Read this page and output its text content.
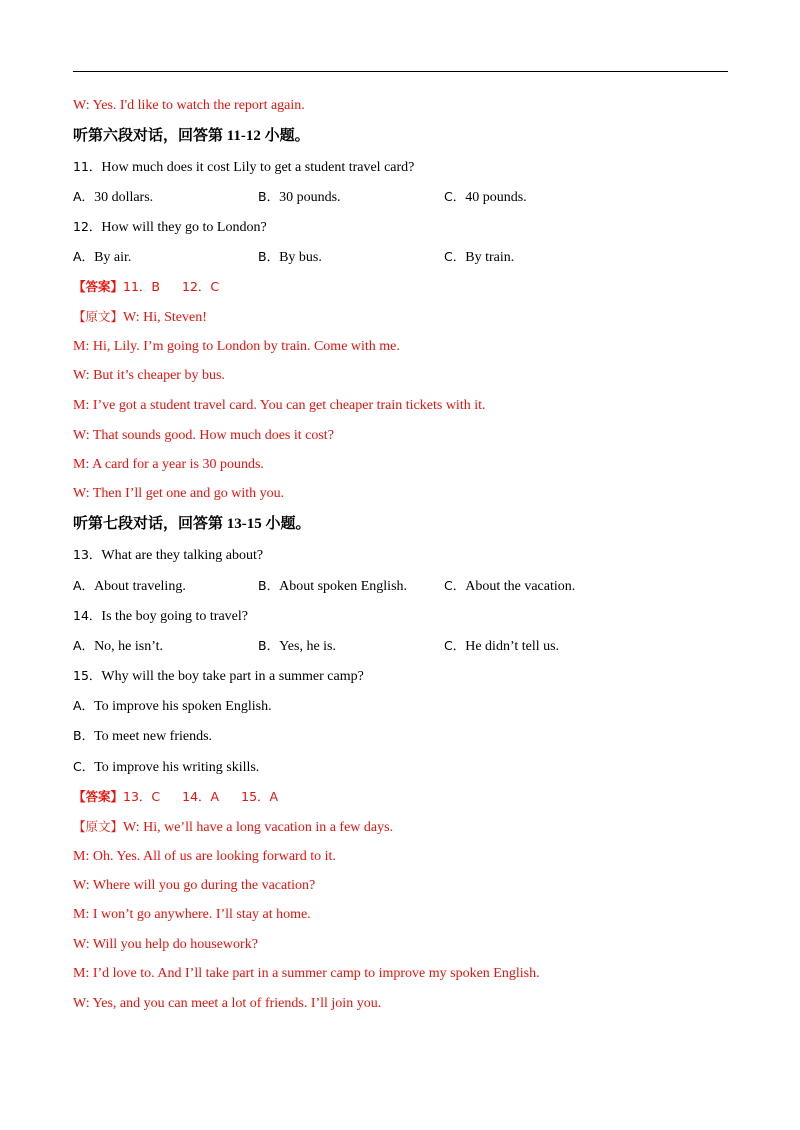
W: Yes. I'd like to watch the report again.
听第六段对话，回答第 11-12 小题。
11．How much does it cost Lily to get a student travel card?
A．30 dollars.	B．30 pounds.	C．40 pounds.
12．How will they go to London?
A．By air.	B．By bus.	C．By train.
【答案】11．B 12．C
【原文】W: Hi, Steven!
M: Hi, Lily. I’m going to London by train. Come with me.
W: But it’s cheaper by bus.
M: I’ve got a student travel card. You can get cheaper train tickets with it.
W: That sounds good. How much does it cost?
M: A card for a year is 30 pounds.
W: Then I’ll get one and go with you.
听第七段对话，回答第 13-15 小题。
13．What are they talking about?
A．About traveling.	B．About spoken English.	C．About the vacation.
14．Is the boy going to travel?
A．No, he isn’t.	B．Yes, he is.	C．He didn’t tell us.
15．Why will the boy take part in a summer camp?
A．To improve his spoken English.
B．To meet new friends.
C．To improve his writing skills.
【答案】13．C 14．A 15．A
【原文】W: Hi, we’ll have a long vacation in a few days.
M: Oh. Yes. All of us are looking forward to it.
W: Where will you go during the vacation?
M: I won’t go anywhere. I’ll stay at home.
W: Will you help do housework?
M: I’d love to. And I’ll take part in a summer camp to improve my spoken English.
W: Yes, and you can meet a lot of friends. I’ll join you.
